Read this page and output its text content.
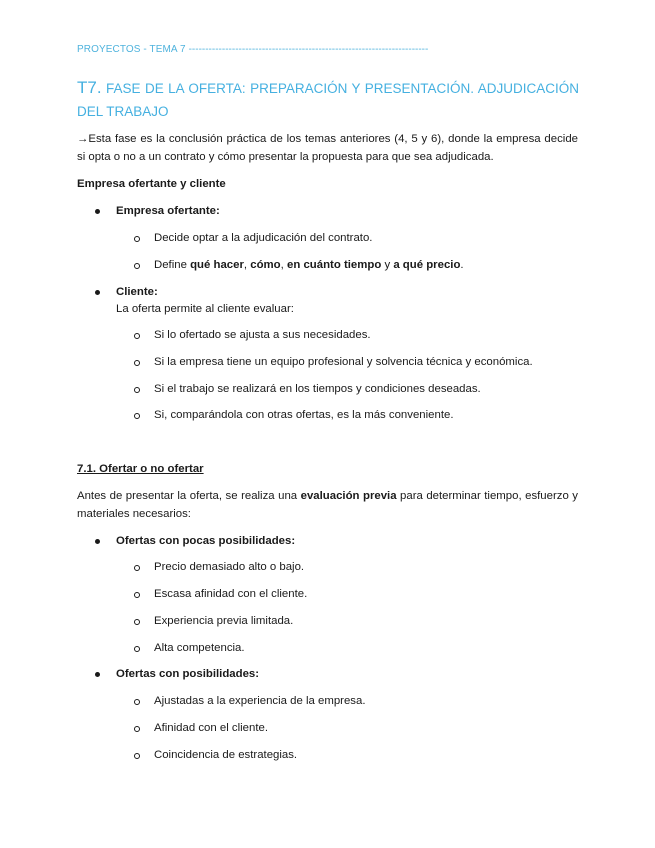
PROYECTOS - TEMA 7 ------------------------------------------------------------------------
T7. FASE DE LA OFERTA: PREPARACIÓN Y PRESENTACIÓN. ADJUDICACIÓN DEL TRABAJO
→Esta fase es la conclusión práctica de los temas anteriores (4, 5 y 6), donde la empresa decide si opta o no a un contrato y cómo presentar la propuesta para que sea adjudicada.
Empresa ofertante y cliente
Empresa ofertante:
Decide optar a la adjudicación del contrato.
Define qué hacer, cómo, en cuánto tiempo y a qué precio.
Cliente:
La oferta permite al cliente evaluar:
Si lo ofertado se ajusta a sus necesidades.
Si la empresa tiene un equipo profesional y solvencia técnica y económica.
Si el trabajo se realizará en los tiempos y condiciones deseadas.
Si, comparándola con otras ofertas, es la más conveniente.
7.1. Ofertar o no ofertar
Antes de presentar la oferta, se realiza una evaluación previa para determinar tiempo, esfuerzo y materiales necesarios:
Ofertas con pocas posibilidades:
Precio demasiado alto o bajo.
Escasa afinidad con el cliente.
Experiencia previa limitada.
Alta competencia.
Ofertas con posibilidades:
Ajustadas a la experiencia de la empresa.
Afinidad con el cliente.
Coincidencia de estrategias.
